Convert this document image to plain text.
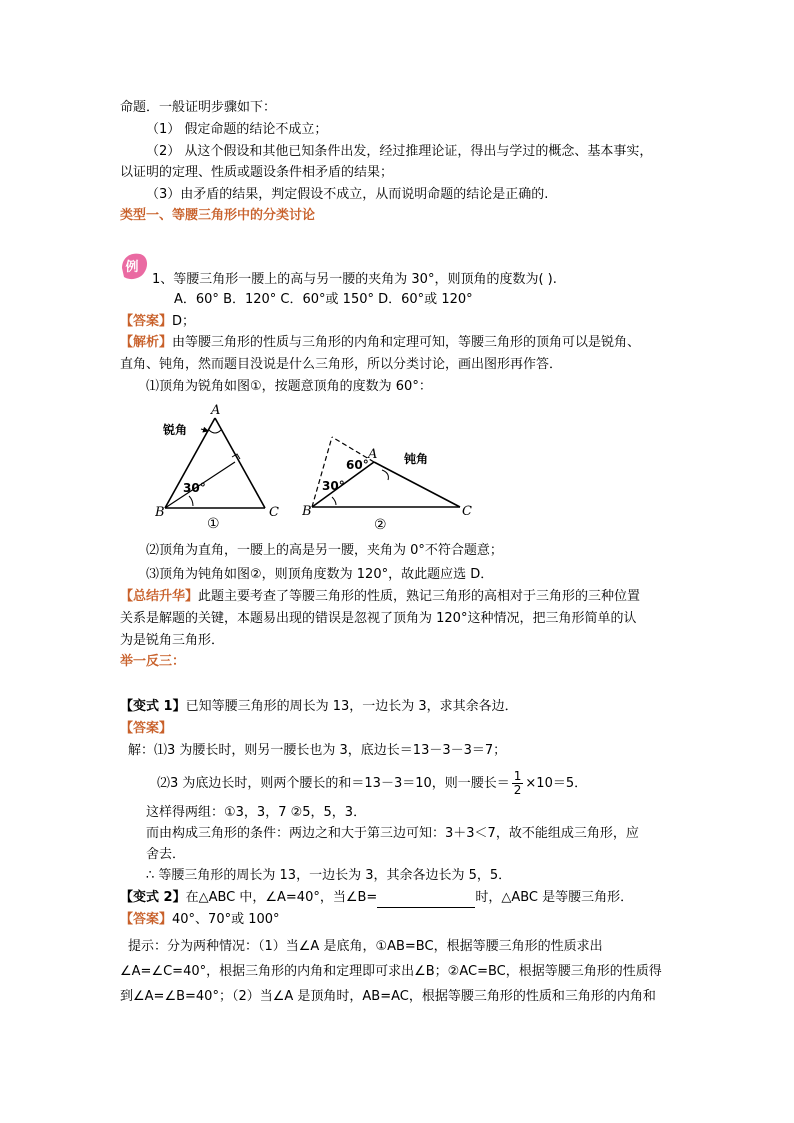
命题．一般证明步骤如下：
（1） 假定命题的结论不成立；
（2） 从这个假设和其他已知条件出发，经过推理论证，得出与学过的概念、基本事实，
以证明的定理、性质或题设条件相矛盾的结果；
（3）由矛盾的结果，判定假设不成立，从而说明命题的结论是正确的.
类型一、等腰三角形中的分类讨论
例
1、等腰三角形一腰上的高与另一腰的夹角为 30°，则顶角的度数为( ).
A．60° B．120° C．60°或 150° D．60°或 120°
【答案】D；
【解析】由等腰三角形的性质与三角形的内角和定理可知，等腰三角形的顶角可以是锐角、
直角、钝角，然而题目没说是什么三角形，所以分类讨论，画出图形再作答．
⑴顶角为锐角如图①，按题意顶角的度数为 60°：
A
B	C
锐角
30°
①
A
B	C
钝角
60°
30°
②
⑵顶角为直角，一腰上的高是另一腰，夹角为 0°不符合题意；
⑶顶角为钝角如图②，则顶角度数为 120°，故此题应选 D．
【总结升华】此题主要考查了等腰三角形的性质，熟记三角形的高相对于三角形的三种位置
关系是解题的关键，本题易出现的错误是忽视了顶角为 120°这种情况，把三角形简单的认
为是锐角三角形．
举一反三：
【变式 1】已知等腰三角形的周长为 13，一边长为 3，求其余各边．
【答案】
解：⑴3 为腰长时，则另一腰长也为 3，底边长＝13－3－3＝7；
⑵3 为底边长时，则两个腰长的和＝13－3＝10，则一腰长＝ $\frac{1}{2} \times 10=5$．
这样得两组：①3，3，7 ②5，5，3．
而由构成三角形的条件：两边之和大于第三边可知：3＋3＜7，故不能组成三角形，应
舍去．
∴ 等腰三角形的周长为 13，一边长为 3，其余各边长为 5，5．
【变式 2】在△ABC 中，∠A=40°，当∠B=	时，△ABC 是等腰三角形．
【答案】40°、70°或 100°
提示：分为两种情况：（1）当∠A 是底角，①AB=BC，根据等腰三角形的性质求出
∠A=∠C=40°，根据三角形的内角和定理即可求出∠B；②AC=BC，根据等腰三角形的性质得
到∠A=∠B=40°；（2）当∠A 是顶角时，AB=AC，根据等腰三角形的性质和三角形的内角和
